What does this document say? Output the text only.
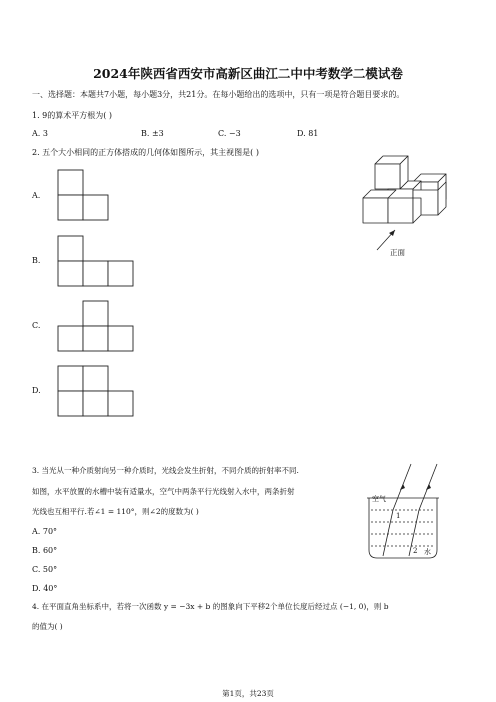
2024年陕西省西安市高新区曲江二中中考数学二模试卷
一、选择题：本题共7小题，每小题3分，共21分。在每小题给出的选项中，只有一项是符合题目要求的。
1. 9的算术平方根为( )
A. 3	B. ±3	C. −3	D. 81
2. 五个大小相同的正方体搭成的几何体如图所示，其主视图是( )
A.
B.
C.
D.
正面
3. 当光从一种介质射向另一种介质时，光线会发生折射，不同介质的折射率不同.
如图，水平放置的水槽中装有适量水，空气中两条平行光线射入水中，两条折射
光线也互相平行.若∠1 = 110°，则∠2的度数为( )
A. 70°
B. 60°
C. 50°
D. 40°
空气
1
2 水
4. 在平面直角坐标系中，若将一次函数 y = −3x + b 的图象向下平移2个单位长度后经过点 (−1, 0)，则 b
的值为( )
第1页，共23页
